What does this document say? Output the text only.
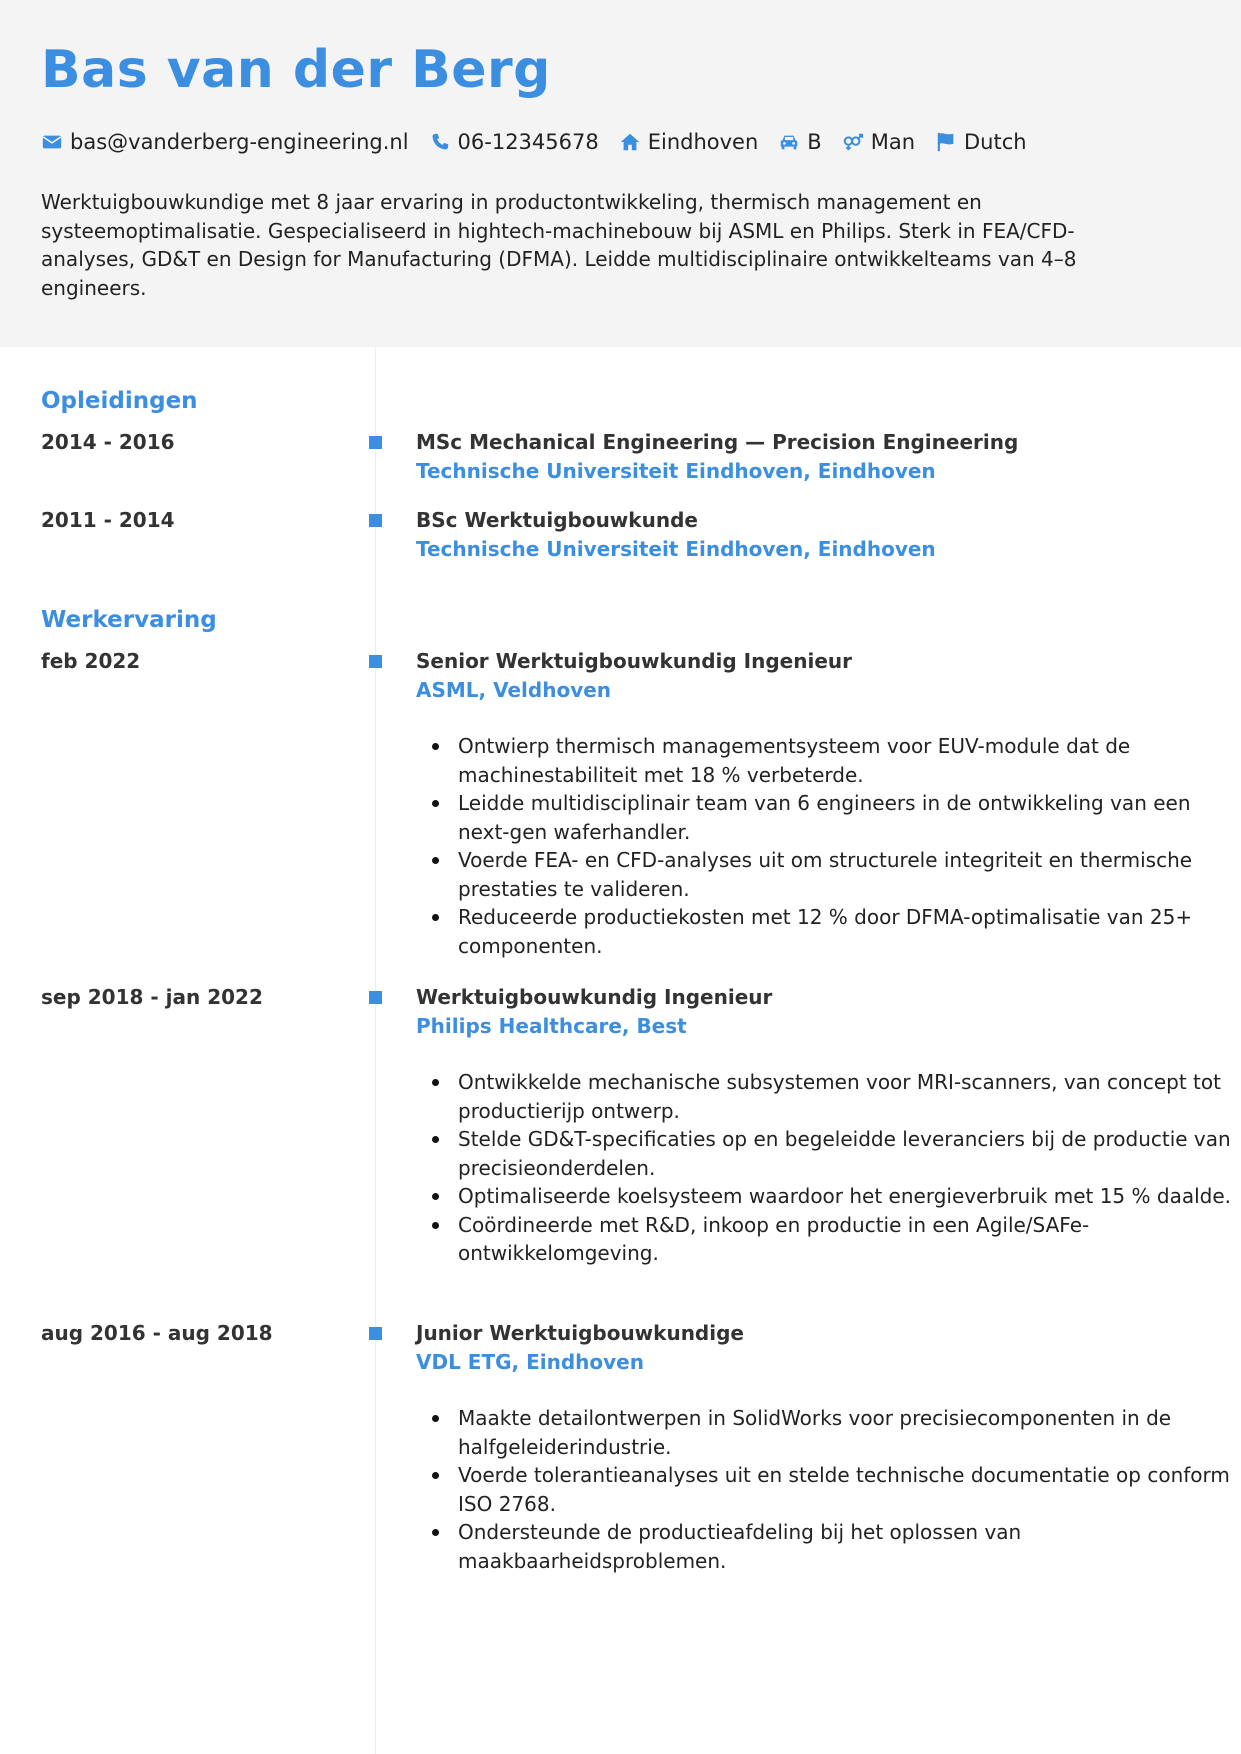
Bas van der Berg
bas@vanderberg-engineering.nl 06-12345678 Eindhoven B Man Dutch

Werktuigbouwkundige met 8 jaar ervaring in productontwikkeling, thermisch management en systeemoptimalisatie. Gespecialiseerd in hightech-machinebouw bij ASML en Philips. Sterk in FEA/CFD-analyses, GD&T en Design for Manufacturing (DFMA). Leidde multidisciplinaire ontwikkelteams van 4–8 engineers.

Opleidingen
2014 - 2016	MSc Mechanical Engineering — Precision Engineering
Technische Universiteit Eindhoven, Eindhoven
2011 - 2014	BSc Werktuigbouwkunde
Technische Universiteit Eindhoven, Eindhoven
Werkervaring
feb 2022	Senior Werktuigbouwkundig Ingenieur
ASML, Veldhoven
Ontwierp thermisch managementsysteem voor EUV-module dat de machinestabiliteit met 18 % verbeterde.
Leidde multidisciplinair team van 6 engineers in de ontwikkeling van een next-gen waferhandler.
Voerde FEA- en CFD-analyses uit om structurele integriteit en thermische prestaties te valideren.
Reduceerde productiekosten met 12 % door DFMA-optimalisatie van 25+ componenten.
sep 2018 - jan 2022	Werktuigbouwkundig Ingenieur
Philips Healthcare, Best
Ontwikkelde mechanische subsystemen voor MRI-scanners, van concept tot productierijp ontwerp.
Stelde GD&T-specificaties op en begeleidde leveranciers bij de productie van precisieonderdelen.
Optimaliseerde koelsysteem waardoor het energieverbruik met 15 % daalde.
Coördineerde met R&D, inkoop en productie in een Agile/SAFe-ontwikkelomgeving.
aug 2016 - aug 2018	Junior Werktuigbouwkundige
VDL ETG, Eindhoven
Maakte detailontwerpen in SolidWorks voor precisiecomponenten in de halfgeleiderindustrie.
Voerde tolerantieanalyses uit en stelde technische documentatie op conform ISO 2768.
Ondersteunde de productieafdeling bij het oplossen van maakbaarheidsproblemen.
